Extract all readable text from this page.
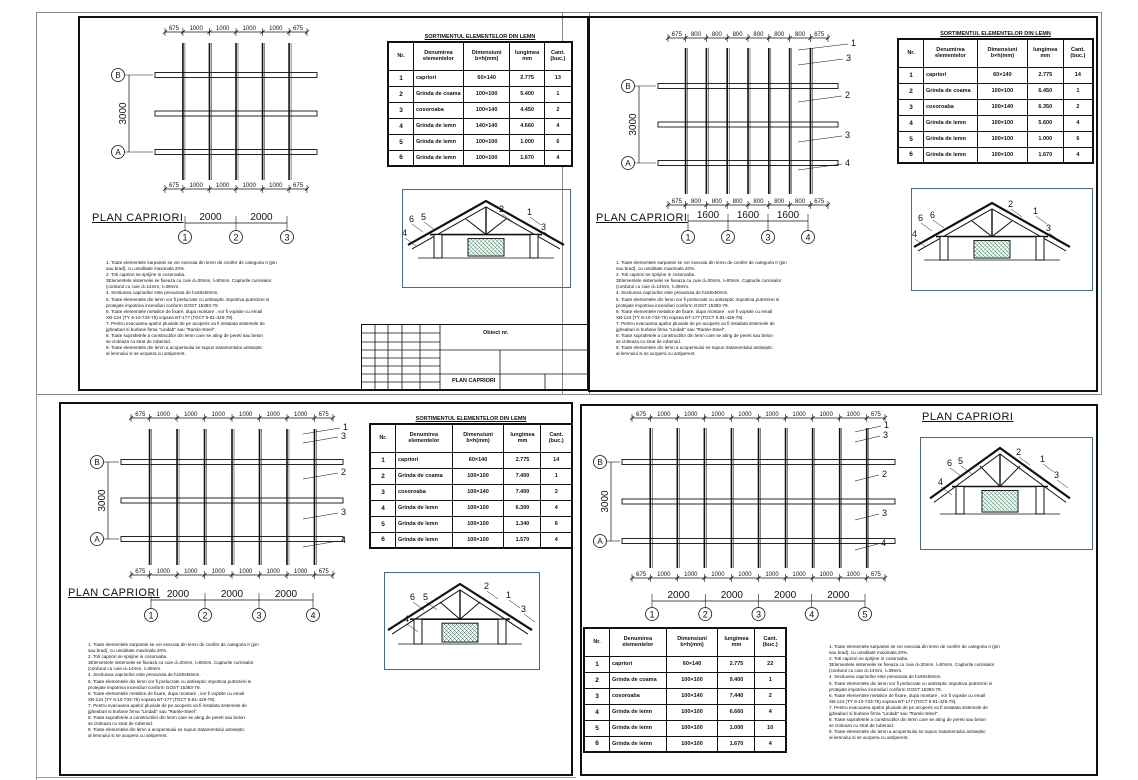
675 1000 1000 1000 1000 675
675 1000 1000 1000 1000 675
B
A
3000
1
2000
2
2000
3
675 800 800 800 800 800 800 675
675 800 800 800 800 800 800 675
B
A
3000
1
1600
2
1600
3
1600
4
1
3
2
3
4
675 1000 1000 1000 1000 1000 1000 675
675 1000 1000 1000 1000 1000 1000 675
B
A
3000
1
2000
2
2000
3
2000
4
1
3
2
3
4
675 1000 1000 1000 1000 1000 1000 1000 1000 675
675 1000 1000 1000 1000 1000 1000 1000 1000 675
B
A
3000
1
2000
2
2000
3
2000
4
2000
5
1
3
2
3
4
PLAN CAPRIORI	PLAN CAPRIORI
PLAN CAPRIORI
PLAN CAPRIORI
SORTIMENTUL ELEMENTELOR DIN LEMN
Nr.	Denumirea elementelor	Dimensiuni b×h(mm)	lungimea mm	Cant. (buc.)
1	capriori	60×140	2.775	13
2	Grinda de coama	100×100	5.400	1
3	cosoroaba	100×140	4.450	2
4	Grinda de lemn	140×140	4.660	4
5	Grinda de lemn	100×100	1.000	6
6	Grinda de lemn	100×100	1.670	4
SORTIMENTUL ELEMENTELOR DIN LEMN
Nr.	Denumirea elementelor	Dimensiuni b×h(mm)	lungimea mm	Cant. (buc.)
1	capriori	60×140	2.775	14
2	Grinda de coama	100×100	6.450	1
3	cosoroaba	100×140	6.350	2
4	Grinda de lemn	100×100	5.600	4
5	Grinda de lemn	100×100	1.000	6
6	Grinda de lemn	100×100	1.670	4
SORTIMENTUL ELEMENTELOR DIN LEMN
Nr.	Denumirea elementelor	Dimensiuni b×h(mm)	lungimea mm	Cant. (buc.)
1	capriori	60×140	2.775	14
2	Grinda de coama	100×100	7.400	1
3	cosoroaba	100×140	7.400	2
4	Grinda de lemn	100×100	6.300	4
5	Grinda de lemn	100×100	1.340	6
6	Grinda de lemn	100×100	1.570	4
Nr.	Denumirea elementelor	Dimensiuni b×h(mm)	lungimea mm	Cant. (buc.)
1	capriori	60×140	2.775	22
2	Grinda de coama	100×100	9.400	1
3	cosoroaba	100×140	7.440	2
4	Grinda de lemn	100×100	6.660	4
5	Grinda de lemn	100×100	1.000	10
6	Grinda de lemn	100×100	1.670	4
6 5
2	1
4
3
6 6
2
1
4
3
6 5
2
1
4
3
6 5
2
1
4
3
1. Toate elementele sarpantei se vor executa din lemn de conifer de categoria II (pin
sau brad), cu umiditate maximala 20%.
2. Toti capriori se sprijine in cosoroaba.
3Elementele sistemelei se fixeaza cu cuie d=30mm, l=80mm. Capturile curnisalor
(cordurul cu cuie d=14mm, l=39mm.
4. Sectiunea capriorilor este prevazuta de h160x50mm.
5. Toate elementele din lemn vor fi prelucrate cu antiseptic impotriva putrezirei si
protejate impotriva incendiuri conform GOST 15393-79.
6. Toate elementele metalice de fixare, dupa montare , vor fi vopsite cu email
XB-124 (TY 6-10-733-75) vopsea БT-177 (ГОСТ 5-81-426-79).
7. Pentru evacuarea apelor pluviale de pe acoperis va fi instalata sistemele de
jgheaburi si burlane firma "Lindab" sau "Ramle-Steel".
8. Toate suprafetele a constructilor din lemn care se ating de pereti sau beton
se izoleaza cu strat de ruberoid.
9. Toate elementele din lemn a acoperisului se supun tratamentului antiseptic
al lemnului si se acopera cu antiperent.
1. Toate elementele sarpantei se vor executa din lemn de conifer de categoria II (pin
sau brad), cu umiditate maximala 20%.
2. Toti capriori se sprijine in cosoroaba.
3Elementele sistemelei se fixeaza cu cuie d=30mm, l=80mm. Capturile curnisalor
(cordurul cu cuie d=14mm, l=39mm.
4. Sectiunea capriorilor este prevazuta de h160x50mm.
5. Toate elementele din lemn vor fi prelucrate cu antiseptic impotriva putrezirei si
protejate impotriva incendiuri conform GOST 15393-79.
6. Toate elementele metalice de fixare, dupa montare , vor fi vopsite cu email
XB-124 (TY 6-10-733-75) vopsea БT-177 (ГОСТ 5-81-426-79).
7. Pentru evacuarea apelor pluviale de pe acoperis va fi instalata sistemele de
jgheaburi si burlane firma "Lindab" sau "Ramle-Steel".
8. Toate suprafetele a constructilor din lemn care se ating de pereti sau beton
se izoleaza cu strat de ruberoid.
9. Toate elementele din lemn a acoperisului se supun tratamentului antiseptic
al lemnului si se acopera cu antiperent.
1. Toate elementele sarpantei se vor executa din lemn de conifer de categoria II (pin
sau brad), cu umiditate maximala 20%.
2. Toti capriori se sprijine in cosoroaba.
3Elementele sistemelei se fixeaza cu cuie d=30mm, l=80mm. Capturile curnisalor
(cordurul cu cuie d=14mm, l=39mm.
4. Sectiunea capriorilor este prevazuta de h160x50mm.
5. Toate elementele din lemn vor fi prelucrate cu antiseptic impotriva putrezirei si
protejate impotriva incendiuri conform GOST 15393-79.
6. Toate elementele metalice de fixare, dupa montare , vor fi vopsite cu email
XB-124 (TY 6-10-733-75) vopsea БT-177 (ГОСТ 5-81-426-79).
7. Pentru evacuarea apelor pluviale de pe acoperis va fi instalata sistemele de
jgheaburi si burlane firma "Lindab" sau "Ramle-Steel".
8. Toate suprafetele a constructilor din lemn care se ating de pereti sau beton
se izoleaza cu strat de ruberoid.
9. Toate elementele din lemn a acoperisului se supun tratamentului antiseptic
al lemnului si se acopera cu antiperent.
1. Toate elementele sarpantei se vor executa din lemn de conifer de categoria II (pin
sau brad), cu umiditate maximala 20%.
2. Toti capriori se sprijine in cosoroaba.
3Elementele sistemelei se fixeaza cu cuie d=30mm, l=80mm. Capturile curnisalor
(cordurul cu cuie d=14mm, l=39mm.
4. Sectiunea capriorilor este prevazuta de h160x50mm.
5. Toate elementele din lemn vor fi prelucrate cu antiseptic impotriva putrezirei si
protejate impotriva incendiuri conform GOST 15393-79.
6. Toate elementele metalice de fixare, dupa montare , vor fi vopsite cu email
XB-124 (TY 6-10-733-75) vopsea БT-177 (ГОСТ 5-81-426-79).
7. Pentru evacuarea apelor pluviale de pe acoperis va fi instalata sistemele de
jgheaburi si burlane firma "Lindab" sau "Ramle-Steel".
8. Toate suprafetele a constructilor din lemn care se ating de pereti sau beton
se izoleaza cu strat de ruberoid.
9. Toate elementele din lemn a acoperisului se supun tratamentului antiseptic
al lemnului si se acopera cu antiperent.
Obiect nr.
PLAN CAPRIORI
